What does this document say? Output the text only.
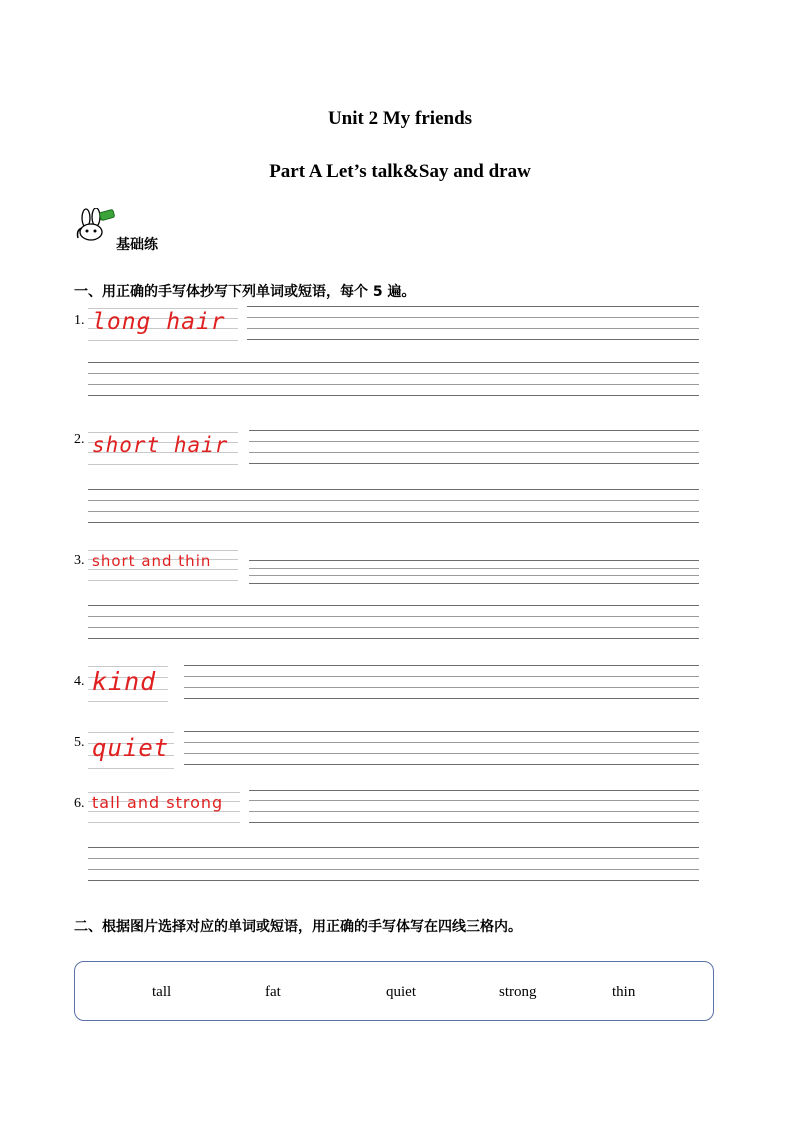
Unit 2 My friends
Part A Let’s talk&Say and draw
基础练
一、用正确的手写体抄写下列单词或短语，每个 5 遍。
1. long hair
2. short hair
3. short and thin
4. kind
5. quiet
6. tall and strong
二、根据图片选择对应的单词或短语，用正确的手写体写在四线三格内。
tall	fat	quiet	strong	thin
